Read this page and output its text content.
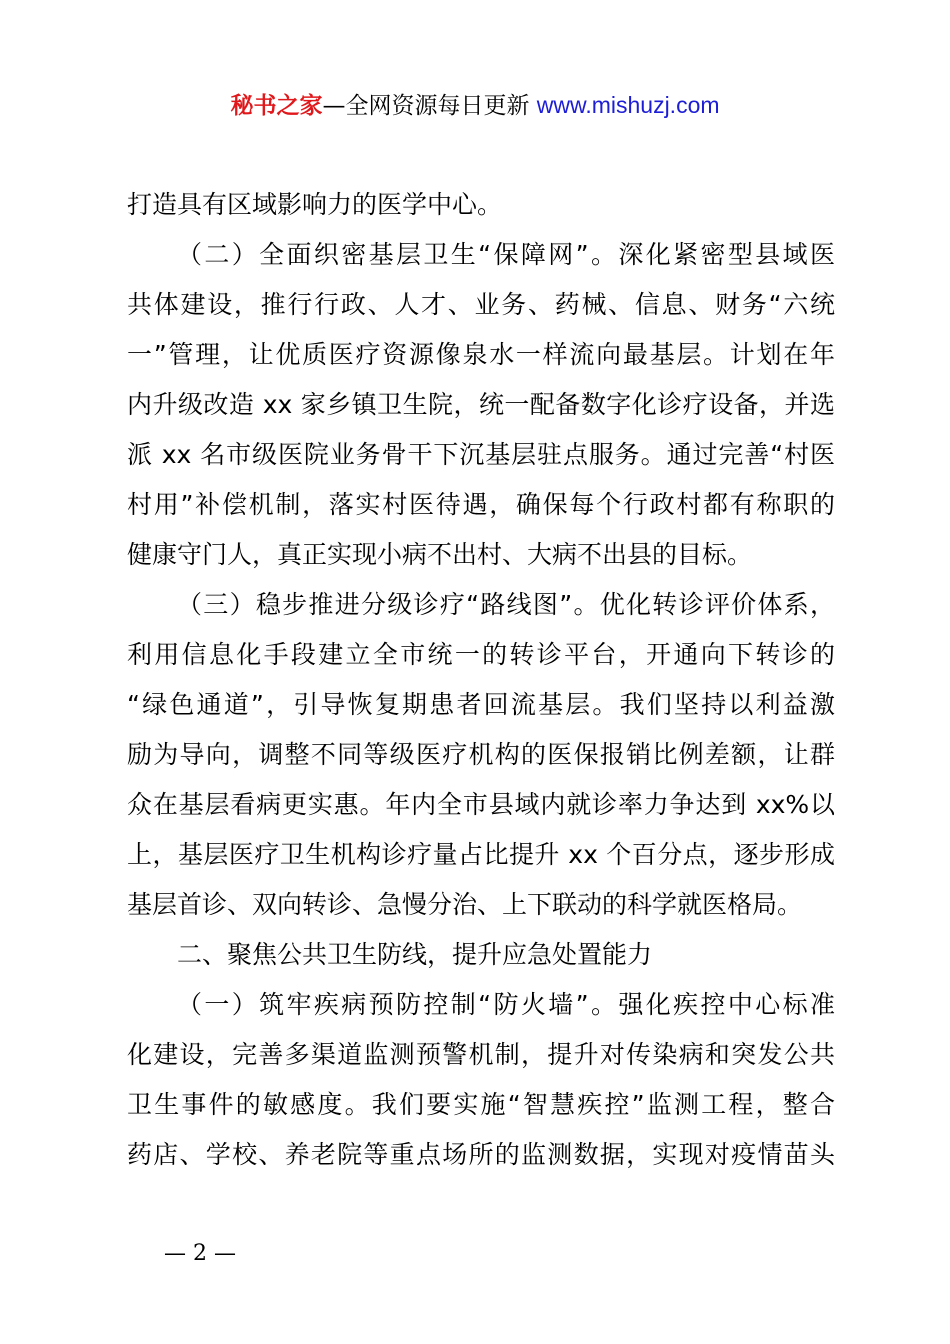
秘书之家—全网资源每日更新 www.mishuzj.com
打造具有区域影响力的医学中心。
（二）全面织密基层卫生“保障网”。深化紧密型县域医
共体建设，推行行政、人才、业务、药械、信息、财务“六统
一”管理，让优质医疗资源像泉水一样流向最基层。计划在年
内升级改造 xx 家乡镇卫生院，统一配备数字化诊疗设备，并选
派 xx 名市级医院业务骨干下沉基层驻点服务。通过完善“村医
村用”补偿机制，落实村医待遇，确保每个行政村都有称职的
健康守门人，真正实现小病不出村、大病不出县的目标。
（三）稳步推进分级诊疗“路线图”。优化转诊评价体系，
利用信息化手段建立全市统一的转诊平台，开通向下转诊的
“绿色通道”，引导恢复期患者回流基层。我们坚持以利益激
励为导向，调整不同等级医疗机构的医保报销比例差额，让群
众在基层看病更实惠。年内全市县域内就诊率力争达到 xx%以
上，基层医疗卫生机构诊疗量占比提升 xx 个百分点，逐步形成
基层首诊、双向转诊、急慢分治、上下联动的科学就医格局。
二、聚焦公共卫生防线，提升应急处置能力
（一）筑牢疾病预防控制“防火墙”。强化疾控中心标准
化建设，完善多渠道监测预警机制，提升对传染病和突发公共
卫生事件的敏感度。我们要实施“智慧疾控”监测工程，整合
药店、学校、养老院等重点场所的监测数据，实现对疫情苗头
— 2 —
